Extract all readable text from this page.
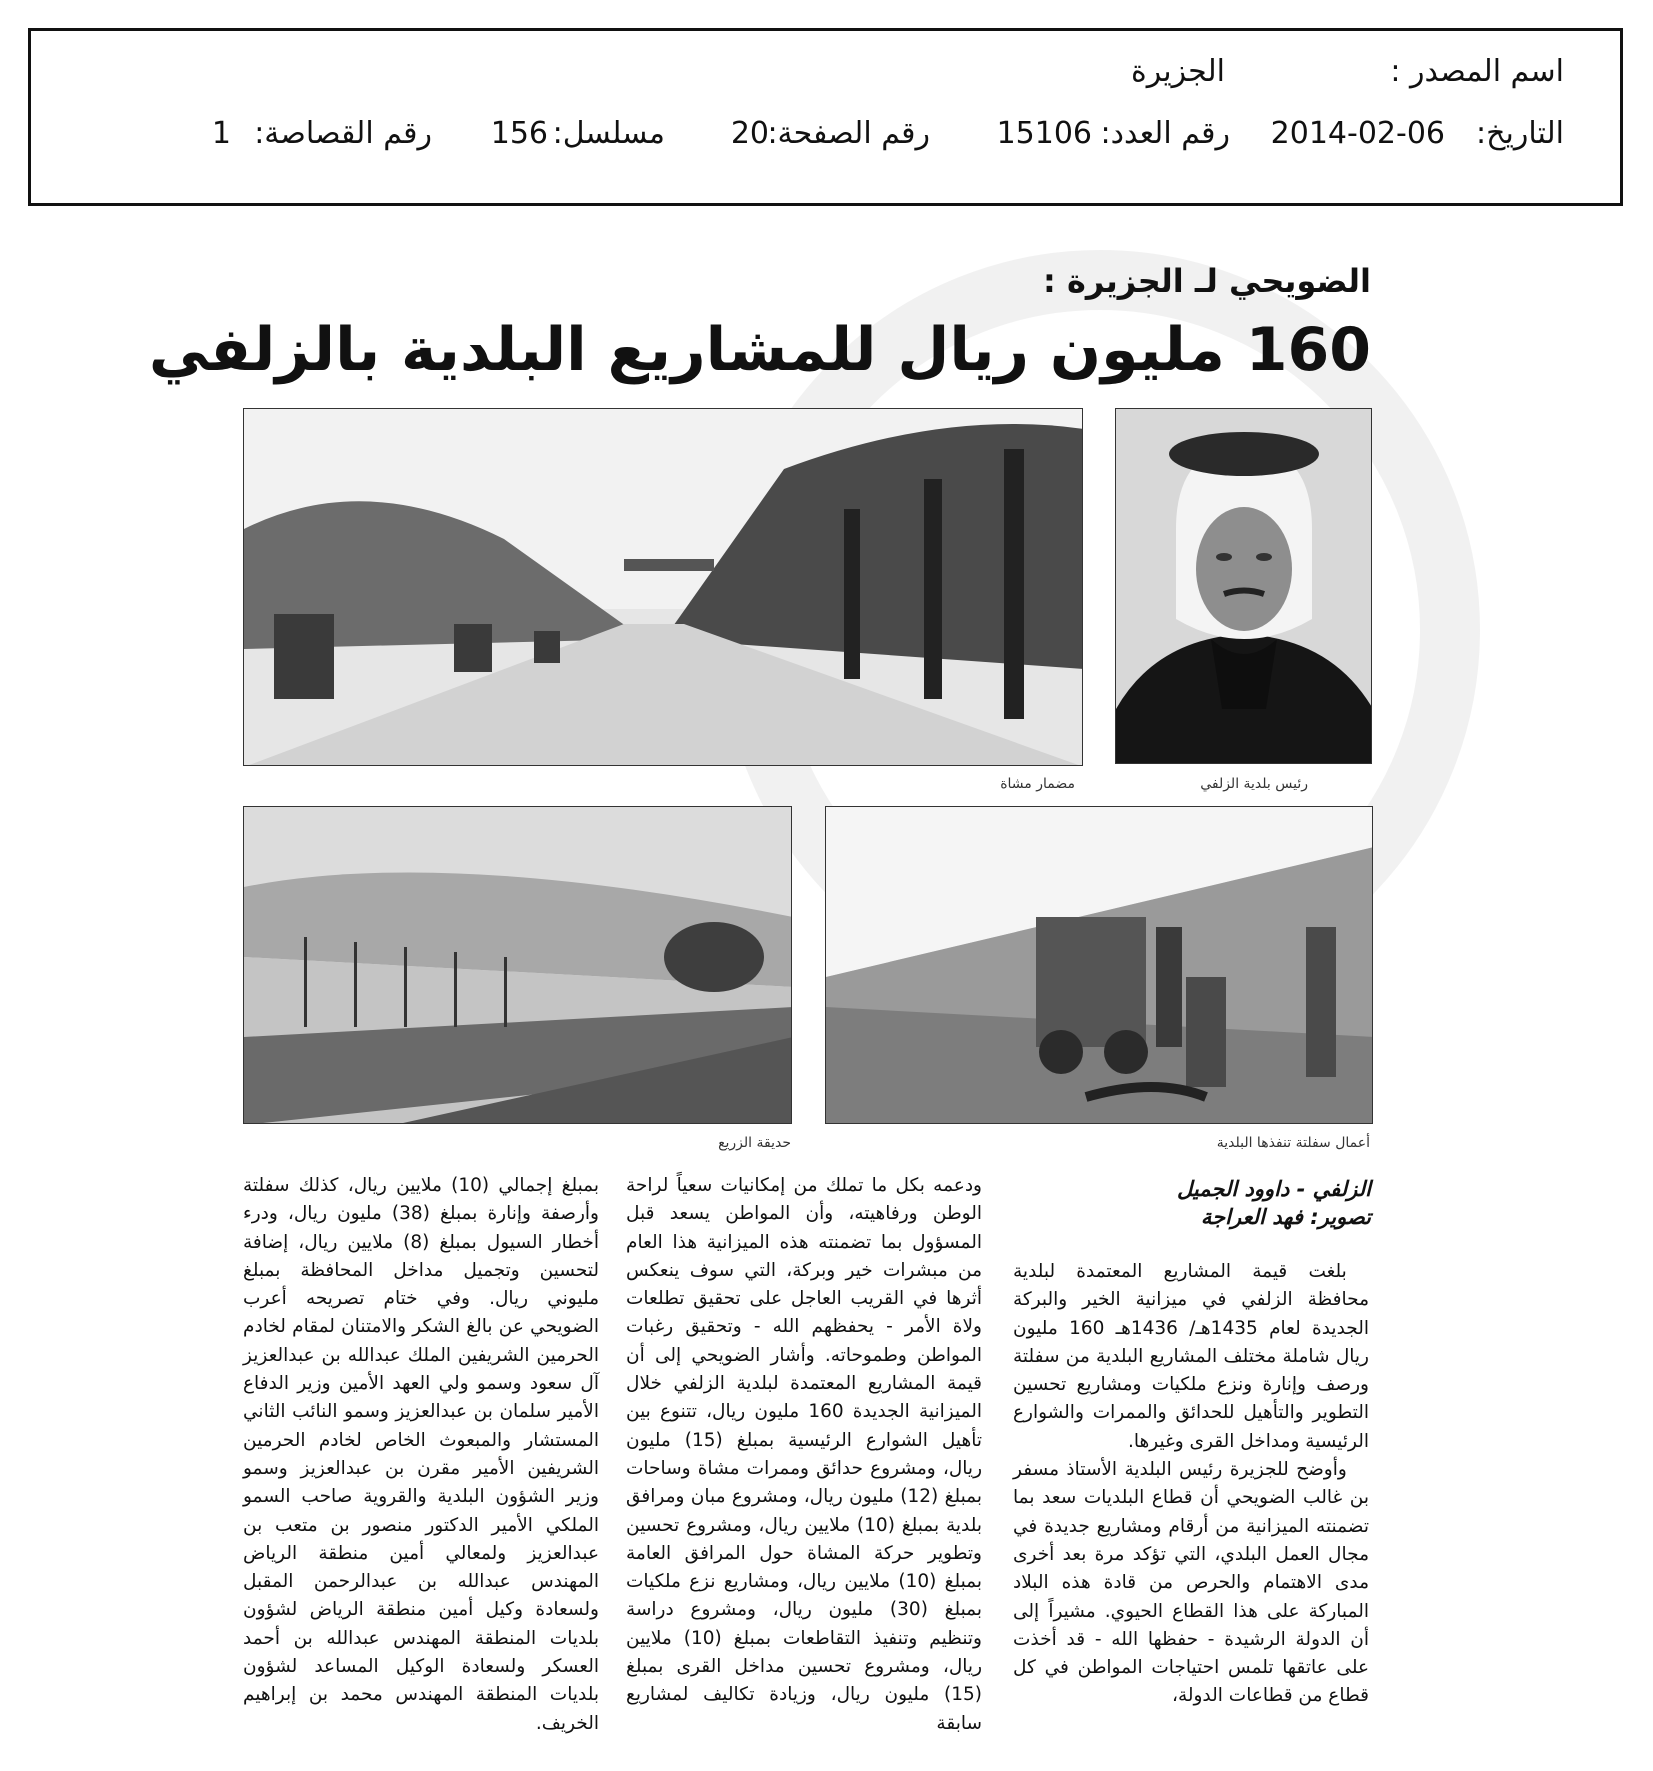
اسم المصدر :
الجزيرة
التاريخ:
2014-02-06
رقم العدد:
15106
رقم الصفحة:
20
مسلسل:
156
رقم القصاصة:
1
الضويحي لـ الجزيرة :
160 مليون ريال للمشاريع البلدية بالزلفي
رئيس بلدية الزلفي
مضمار مشاة
أعمال سفلتة تنفذها البلدية
حديقة الزريع
الزلفي - داوود الجميل
تصوير: فهد العراجة

بلغت قيمة المشاريع المعتمدة لبلدية محافظة الزلفي في ميزانية الخير والبركة الجديدة لعام 1435هـ/ 1436هـ 160 مليون ريال شاملة مختلف المشاريع البلدية من سفلتة ورصف وإنارة ونزع ملكيات ومشاريع تحسين التطوير والتأهيل للحدائق والممرات والشوارع الرئيسية ومداخل القرى وغيرها.

وأوضح للجزيرة رئيس البلدية الأستاذ مسفر بن غالب الضويحي أن قطاع البلديات سعد بما تضمنته الميزانية من أرقام ومشاريع جديدة في مجال العمل البلدي، التي تؤكد مرة بعد أخرى مدى الاهتمام والحرص من قادة هذه البلاد المباركة على هذا القطاع الحيوي. مشيراً إلى أن الدولة الرشيدة - حفظها الله - قد أخذت على عاتقها تلمس احتياجات المواطن في كل قطاع من قطاعات الدولة،

ودعمه بكل ما تملك من إمكانيات سعياً لراحة الوطن ورفاهيته، وأن المواطن يسعد قبل المسؤول بما تضمنته هذه الميزانية هذا العام من مبشرات خير وبركة، التي سوف ينعكس أثرها في القريب العاجل على تحقيق تطلعات ولاة الأمر - يحفظهم الله - وتحقيق رغبات المواطن وطموحاته. وأشار الضويحي إلى أن قيمة المشاريع المعتمدة لبلدية الزلفي خلال الميزانية الجديدة 160 مليون ريال، تتنوع بين تأهيل الشوارع الرئيسية بمبلغ (15) مليون ريال، ومشروع حدائق وممرات مشاة وساحات بمبلغ (12) مليون ريال، ومشروع مبان ومرافق بلدية بمبلغ (10) ملايين ريال، ومشروع تحسين وتطوير حركة المشاة حول المرافق العامة بمبلغ (10) ملايين ريال، ومشاريع نزع ملكيات بمبلغ (30) مليون ريال، ومشروع دراسة وتنظيم وتنفيذ التقاطعات بمبلغ (10) ملايين ريال، ومشروع تحسين مداخل القرى بمبلغ (15) مليون ريال، وزيادة تكاليف لمشاريع سابقة

بمبلغ إجمالي (10) ملايين ريال، كذلك سفلتة وأرصفة وإنارة بمبلغ (38) مليون ريال، ودرء أخطار السيول بمبلغ (8) ملايين ريال، إضافة لتحسين وتجميل مداخل المحافظة بمبلغ مليوني ريال. وفي ختام تصريحه أعرب الضويحي عن بالغ الشكر والامتنان لمقام لخادم الحرمين الشريفين الملك عبدالله بن عبدالعزيز آل سعود وسمو ولي العهد الأمين وزير الدفاع الأمير سلمان بن عبدالعزيز وسمو النائب الثاني المستشار والمبعوث الخاص لخادم الحرمين الشريفين الأمير مقرن بن عبدالعزيز وسمو وزير الشؤون البلدية والقروية صاحب السمو الملكي الأمير الدكتور منصور بن متعب بن عبدالعزيز ولمعالي أمين منطقة الرياض المهندس عبدالله بن عبدالرحمن المقبل ولسعادة وكيل أمين منطقة الرياض لشؤون بلديات المنطقة المهندس عبدالله بن أحمد العسكر ولسعادة الوكيل المساعد لشؤون بلديات المنطقة المهندس محمد بن إبراهيم الخريف.
